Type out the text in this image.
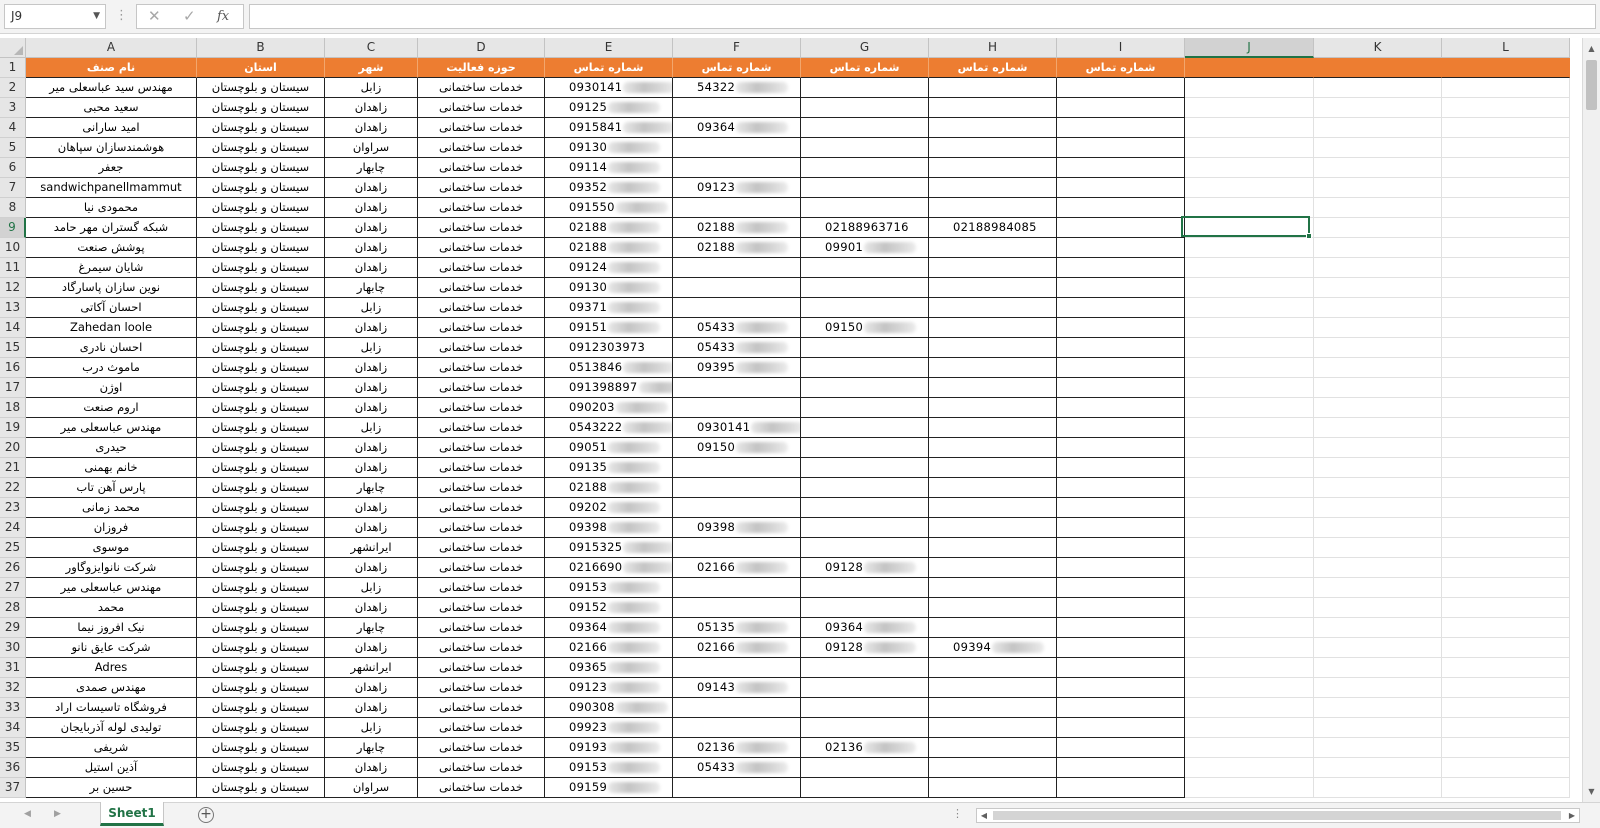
J9	▼ ⋮ ✕ ✓ fx
A	B	C	D	E	F	G	H	I	J	K	L
1
2
3
4
5
6
7
8
9
10
11
12
13
14
15
16
17
18
19
20
21
22
23
24
25
26
27
28
29
30
31
32
33
34
35
36
37
نام صنف	استان	شهر	حوزه فعالیت	شماره تماس	شماره تماس	شماره تماس	شماره تماس	شماره تماس
مهندس سید عباسعلی میر	سیستان و بلوچستان	زابل	خدمات ساختمانی	0930141	54322
سعید محبی	سیستان و بلوچستان	زاهدان	خدمات ساختمانی	09125
امید سارانی	سیستان و بلوچستان	زاهدان	خدمات ساختمانی	0915841	09364
هوشمندسازان سپاهان	سیستان و بلوچستان	سراوان	خدمات ساختمانی	09130
جعفر	سیستان و بلوچستان	چابهار	خدمات ساختمانی	09114
sandwichpanellmammut	سیستان و بلوچستان	زاهدان	خدمات ساختمانی	09352	09123
محمودی نیا	سیستان و بلوچستان	زاهدان	خدمات ساختمانی	091550
شبکه گستران مهر حامد	سیستان و بلوچستان	زاهدان	خدمات ساختمانی	02188	02188	02188963716	02188984085
پوشش صنعت	سیستان و بلوچستان	زاهدان	خدمات ساختمانی	02188	02188	09901
شایان سیمرغ	سیستان و بلوچستان	زاهدان	خدمات ساختمانی	09124
نوین سازان پاسارگاد	سیستان و بلوچستان	چابهار	خدمات ساختمانی	09130
احسان آکاتی	سیستان و بلوچستان	زابل	خدمات ساختمانی	09371
Zahedan loole	سیستان و بلوچستان	زاهدان	خدمات ساختمانی	09151	05433	09150
احسان نادری	سیستان و بلوچستان	زابل	خدمات ساختمانی	0912303973	05433
ماموث درب	سیستان و بلوچستان	زاهدان	خدمات ساختمانی	0513846	09395
اوژن	سیستان و بلوچستان	زاهدان	خدمات ساختمانی	091398897
اروم صنعت	سیستان و بلوچستان	زاهدان	خدمات ساختمانی	090203
مهندس عباسعلی میر	سیستان و بلوچستان	زابل	خدمات ساختمانی	0543222	0930141
حیدری	سیستان و بلوچستان	زاهدان	خدمات ساختمانی	09051	09150
خانم بهمنی	سیستان و بلوچستان	زاهدان	خدمات ساختمانی	09135
پارس آهن تاب	سیستان و بلوچستان	چابهار	خدمات ساختمانی	02188
محمد زمانی	سیستان و بلوچستان	زاهدان	خدمات ساختمانی	09202
فروزان	سیستان و بلوچستان	زاهدان	خدمات ساختمانی	09398	09398
موسوی	سیستان و بلوچستان	ایرانشهر	خدمات ساختمانی	0915325
شرکت نانوایزوگاور	سیستان و بلوچستان	زاهدان	خدمات ساختمانی	0216690	02166	09128
مهندس عباسعلی میر	سیستان و بلوچستان	زابل	خدمات ساختمانی	09153
محمد	سیستان و بلوچستان	زاهدان	خدمات ساختمانی	09152
نیک افروز نیما	سیستان و بلوچستان	چابهار	خدمات ساختمانی	09364	05135	09364
شرکت عایق نانو	سیستان و بلوچستان	زاهدان	خدمات ساختمانی	02166	02166	09128	09394
Adres	سیستان و بلوچستان	ایرانشهر	خدمات ساختمانی	09365
مهندس صمدی	سیستان و بلوچستان	زاهدان	خدمات ساختمانی	09123	09143
فروشگاه تاسیسات اراد	سیستان و بلوچستان	زاهدان	خدمات ساختمانی	090308
تولیدی لوله آذربایجان	سیستان و بلوچستان	زابل	خدمات ساختمانی	09923
شریفی	سیستان و بلوچستان	چابهار	خدمات ساختمانی	09193	02136	02136
آذین استیل	سیستان و بلوچستان	زاهدان	خدمات ساختمانی	09153	05433
حسین بر	سیستان و بلوچستان	سراوان	خدمات ساختمانی	09159
▲
▼
◀	▶	Sheet1	+	⋮	◀	▶
